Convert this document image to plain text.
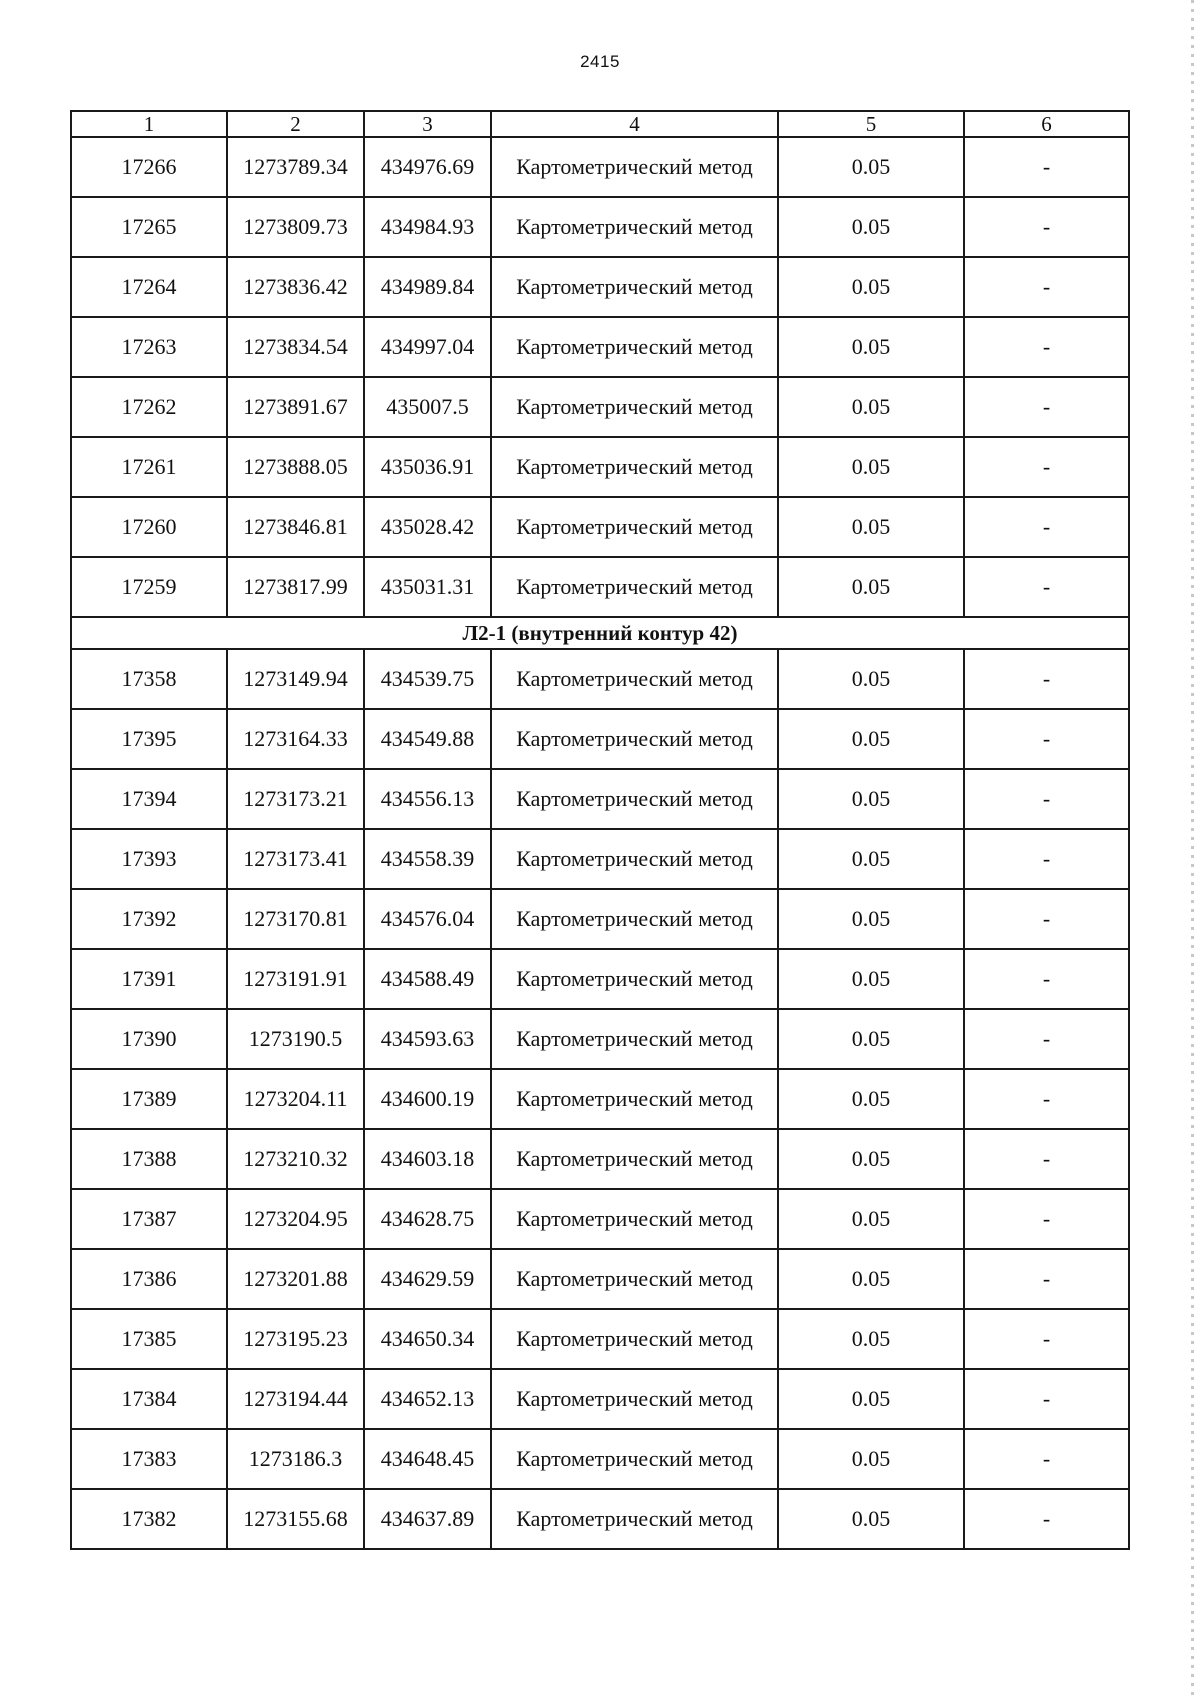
2415
1	2	3	4	5	6
17266	1273789.34	434976.69	Картометрический метод	0.05	-
17265	1273809.73	434984.93	Картометрический метод	0.05	-
17264	1273836.42	434989.84	Картометрический метод	0.05	-
17263	1273834.54	434997.04	Картометрический метод	0.05	-
17262	1273891.67	435007.5	Картометрический метод	0.05	-
17261	1273888.05	435036.91	Картометрический метод	0.05	-
17260	1273846.81	435028.42	Картометрический метод	0.05	-
17259	1273817.99	435031.31	Картометрический метод	0.05	-
Л2-1 (внутренний контур 42)					
17358	1273149.94	434539.75	Картометрический метод	0.05	-
17395	1273164.33	434549.88	Картометрический метод	0.05	-
17394	1273173.21	434556.13	Картометрический метод	0.05	-
17393	1273173.41	434558.39	Картометрический метод	0.05	-
17392	1273170.81	434576.04	Картометрический метод	0.05	-
17391	1273191.91	434588.49	Картометрический метод	0.05	-
17390	1273190.5	434593.63	Картометрический метод	0.05	-
17389	1273204.11	434600.19	Картометрический метод	0.05	-
17388	1273210.32	434603.18	Картометрический метод	0.05	-
17387	1273204.95	434628.75	Картометрический метод	0.05	-
17386	1273201.88	434629.59	Картометрический метод	0.05	-
17385	1273195.23	434650.34	Картометрический метод	0.05	-
17384	1273194.44	434652.13	Картометрический метод	0.05	-
17383	1273186.3	434648.45	Картометрический метод	0.05	-
17382	1273155.68	434637.89	Картометрический метод	0.05	-
